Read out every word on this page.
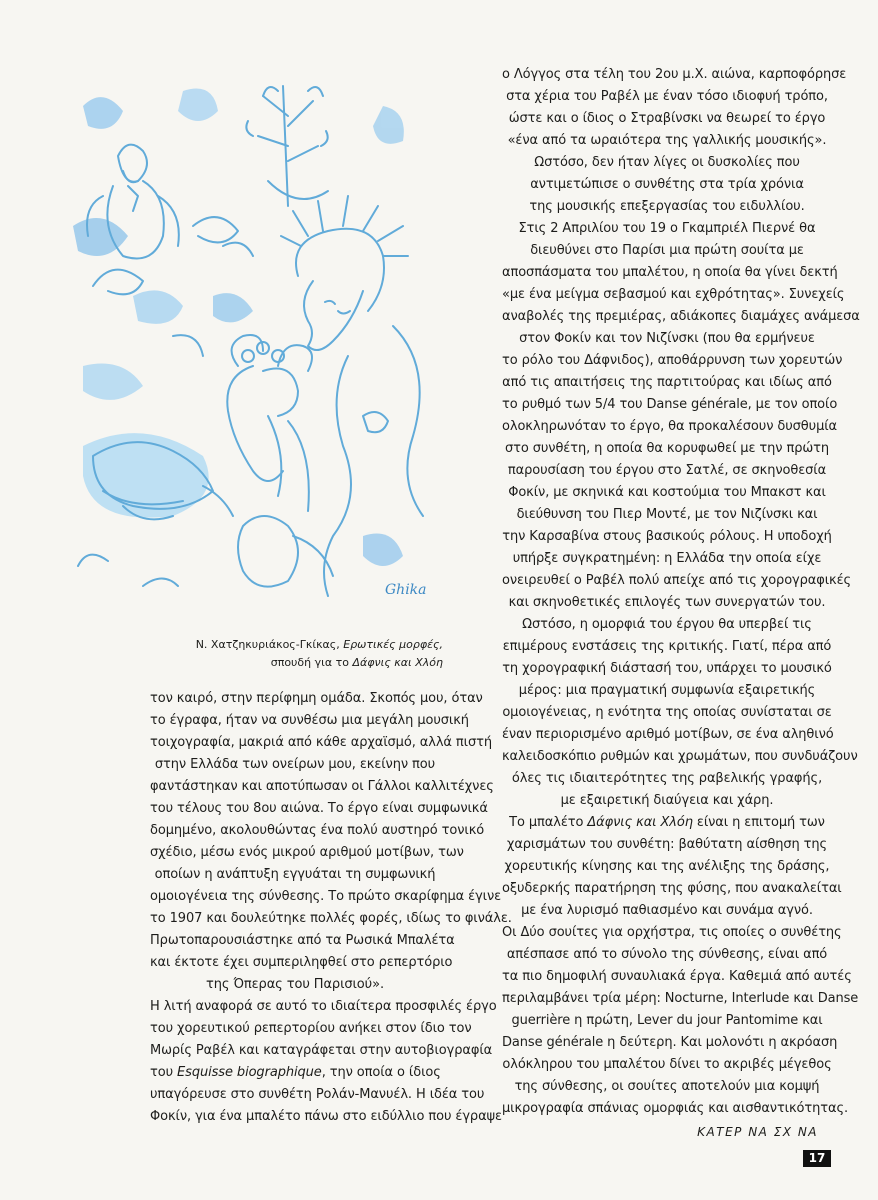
Ghika
Ν. Χατζηκυριάκος-Γκίκας, Ερωτικές μορφές,
σπουδή για το Δάφνις και Χλόη
τον καιρό, στην περίφημη ομάδα. Σκοπός μου, όταν
το έγραφα, ήταν να συνθέσω μια μεγάλη μουσική
τοιχογραφία, μακριά από κάθε αρχαϊσμό, αλλά πιστή
στην Ελλάδα των ονείρων μου, εκείνην που
φαντάστηκαν και αποτύπωσαν οι Γάλλοι καλλιτέχνες
του τέλους του 8ου αιώνα. Το έργο είναι συμφωνικά
δομημένο, ακολουθώντας ένα πολύ αυστηρό τονικό
σχέδιο, μέσω ενός μικρού αριθμού μοτίβων, των
οποίων η ανάπτυξη εγγυάται τη συμφωνική
ομοιογένεια της σύνθεσης. Το πρώτο σκαρίφημα έγινε
το 1907 και δουλεύτηκε πολλές φορές, ιδίως το φινάλε.
Πρωτοπαρουσιάστηκε από τα Ρωσικά Μπαλέτα
και έκτοτε έχει συμπεριληφθεί στο ρεπερτόριο
της Όπερας του Παρισιού».
Η λιτή αναφορά σε αυτό το ιδιαίτερα προσφιλές έργο
του χορευτικού ρεπερτορίου ανήκει στον ίδιο τον
Μωρίς Ραβέλ και καταγράφεται στην αυτοβιογραφία
του Esquisse biographique, την οποία ο ίδιος
υπαγόρευσε στο συνθέτη Ρολάν-Μανυέλ. Η ιδέα του
Φοκίν, για ένα μπαλέτο πάνω στο ειδύλλιο που έγραψε
ο Λόγγος στα τέλη του 2ου μ.Χ. αιώνα, καρποφόρησε
στα χέρια του Ραβέλ με έναν τόσο ιδιοφυή τρόπο,
ώστε και ο ίδιος ο Στραβίνσκι να θεωρεί το έργο
«ένα από τα ωραιότερα της γαλλικής μουσικής».
Ωστόσο, δεν ήταν λίγες οι δυσκολίες που
αντιμετώπισε ο συνθέτης στα τρία χρόνια
της μουσικής επεξεργασίας του ειδυλλίου.
Στις 2 Απριλίου του 19 ο Γκαμπριέλ Πιερνέ θα
διευθύνει στο Παρίσι μια πρώτη σουίτα με
αποσπάσματα του μπαλέτου, η οποία θα γίνει δεκτή
«με ένα μείγμα σεβασμού και εχθρότητας». Συνεχείς
αναβολές της πρεμιέρας, αδιάκοπες διαμάχες ανάμεσα
στον Φοκίν και τον Νιζίνσκι (που θα ερμήνευε
το ρόλο του Δάφνιδος), αποθάρρυνση των χορευτών
από τις απαιτήσεις της παρτιτούρας και ιδίως από
το ρυθμό των 5/4 του Danse générale, με τον οποίο
ολοκληρωνόταν το έργο, θα προκαλέσουν δυσθυμία
στο συνθέτη, η οποία θα κορυφωθεί με την πρώτη
παρουσίαση του έργου στο Σατλέ, σε σκηνοθεσία
Φοκίν, με σκηνικά και κοστούμια του Μπακστ και
διεύθυνση του Πιερ Μοντέ, με τον Νιζίνσκι και
την Καρσαβίνα στους βασικούς ρόλους. Η υποδοχή
υπήρξε συγκρατημένη: η Ελλάδα την οποία είχε
ονειρευθεί ο Ραβέλ πολύ απείχε από τις χορογραφικές
και σκηνοθετικές επιλογές των συνεργατών του.
Ωστόσο, η ομορφιά του έργου θα υπερβεί τις
επιμέρους ενστάσεις της κριτικής. Γιατί, πέρα από
τη χορογραφική διάστασή του, υπάρχει το μουσικό
μέρος: μια πραγματική συμφωνία εξαιρετικής
ομοιογένειας, η ενότητα της οποίας συνίσταται σε
έναν περιορισμένο αριθμό μοτίβων, σε ένα αληθινό
καλειδοσκόπιο ρυθμών και χρωμάτων, που συνδυάζουν
όλες τις ιδιαιτερότητες της ραβελικής γραφής,
με εξαιρετική διαύγεια και χάρη.
Το μπαλέτο Δάφνις και Χλόη είναι η επιτομή των
χαρισμάτων του συνθέτη: βαθύτατη αίσθηση της
χορευτικής κίνησης και της ανέλιξης της δράσης,
οξυδερκής παρατήρηση της φύσης, που ανακαλείται
με ένα λυρισμό παθιασμένο και συνάμα αγνό.
Οι Δύο σουίτες για ορχήστρα, τις οποίες ο συνθέτης
απέσπασε από το σύνολο της σύνθεσης, είναι από
τα πιο δημοφιλή συναυλιακά έργα. Καθεμιά από αυτές
περιλαμβάνει τρία μέρη: Nocturne, Interlude και Danse
guerrière η πρώτη, Lever du jour Pantomime και
Danse générale η δεύτερη. Και μολονότι η ακρόαση
ολόκληρου του μπαλέτου δίνει το ακριβές μέγεθος
της σύνθεσης, οι σουίτες αποτελούν μια κομψή
μικρογραφία σπάνιας ομορφιάς και αισθαντικότητας.
ΚΑΤΕΡ ΝΑ ΣΧ ΝΑ
17
